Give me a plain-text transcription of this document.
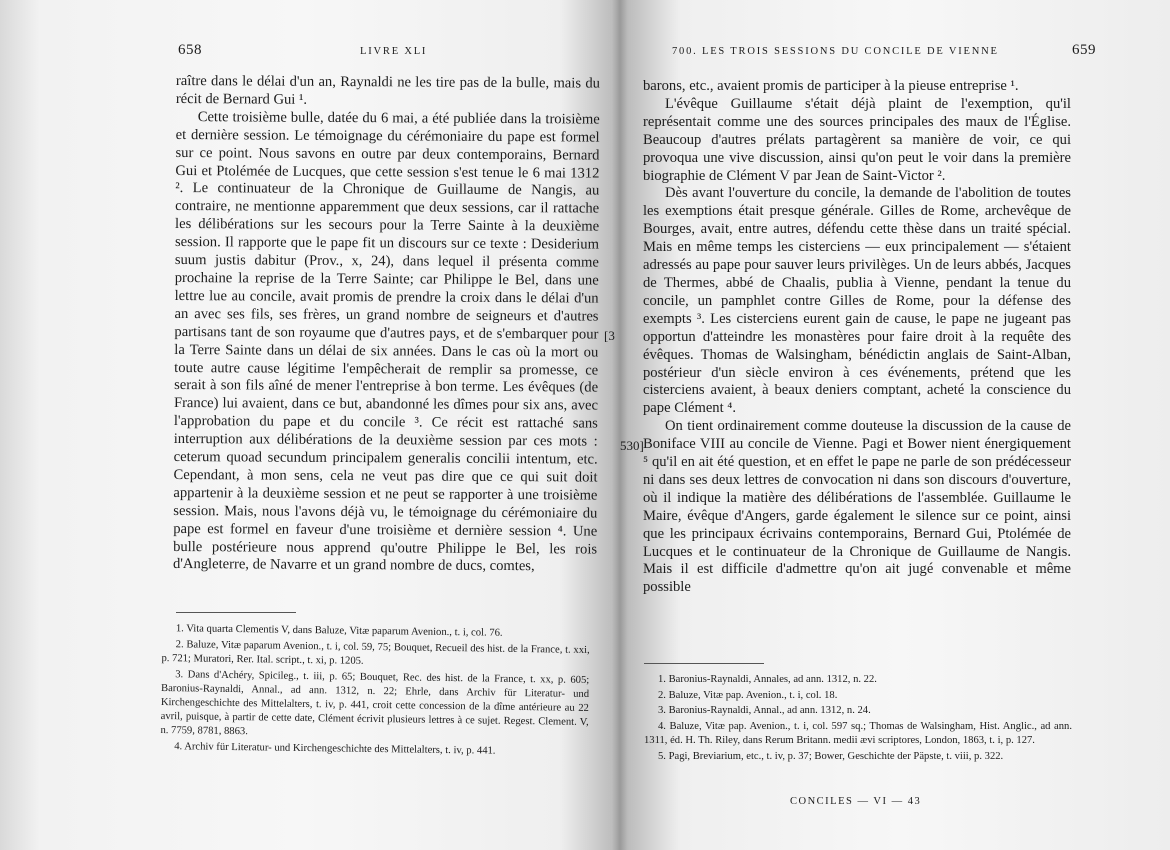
658	LIVRE XLI

raître dans le délai d'un an, Raynaldi ne les tire pas de la bulle, mais du récit de Bernard Gui ¹.

Cette troisième bulle, datée du 6 mai, a été publiée dans la troisième et dernière session. Le témoignage du cérémoniaire du pape est formel sur ce point. Nous savons en outre par deux contemporains, Bernard Gui et Ptolémée de Lucques, que cette session s'est tenue le 6 mai 1312 ². Le continuateur de la Chronique de Guillaume de Nangis, au contraire, ne mentionne apparemment que deux sessions, car il rattache les délibérations sur les secours pour la Terre Sainte à la deuxième session. Il rapporte que le pape fit un discours sur ce texte : Desiderium suum justis dabitur (Prov., x, 24), dans lequel il présenta comme prochaine la reprise de la Terre Sainte; car Philippe le Bel, dans une lettre lue au concile, avait promis de prendre la croix dans le délai d'un an avec ses fils, ses frères, un grand nombre de seigneurs et d'autres partisans tant de son royaume que d'autres pays, et de s'embarquer pour la Terre Sainte dans un délai de six années. Dans le cas où la mort ou toute autre cause légitime l'empêcherait de remplir sa promesse, ce serait à son fils aîné de mener l'entreprise à bon terme. Les évêques (de France) lui avaient, dans ce but, abandonné les dîmes pour six ans, avec l'approbation du pape et du concile ³. Ce récit est rattaché sans interruption aux délibérations de la deuxième session par ces mots : ceterum quoad secundum principalem generalis concilii intentum, etc. Cependant, à mon sens, cela ne veut pas dire que ce qui suit doit appartenir à la deuxième session et ne peut se rapporter à une troisième session. Mais, nous l'avons déjà vu, le témoignage du cérémoniaire du pape est formel en faveur d'une troisième et dernière session ⁴. Une bulle postérieure nous apprend qu'outre Philippe le Bel, les rois d'Angleterre, de Navarre et un grand nombre de ducs, comtes,

1. Vita quarta Clementis V, dans Baluze, Vitæ paparum Avenion., t. i, col. 76.

2. Baluze, Vitæ paparum Avenion., t. i, col. 59, 75; Bouquet, Recueil des hist. de la France, t. xxi, p. 721; Muratori, Rer. Ital. script., t. xi, p. 1205.

3. Dans d'Achéry, Spicileg., t. iii, p. 65; Bouquet, Rec. des hist. de la France, t. xx, p. 605; Baronius-Raynaldi, Annal., ad ann. 1312, n. 22; Ehrle, dans Archiv für Literatur- und Kirchengeschichte des Mittelalters, t. iv, p. 441, croit cette concession de la dîme antérieure au 22 avril, puisque, à partir de cette date, Clément écrivit plusieurs lettres à ce sujet. Regest. Clement. V, n. 7759, 8781, 8863.

4. Archiv für Literatur- und Kirchengeschichte des Mittelalters, t. iv, p. 441.

[3
700. LES TROIS SESSIONS DU CONCILE DE VIENNE	659

barons, etc., avaient promis de participer à la pieuse entreprise ¹.

L'évêque Guillaume s'était déjà plaint de l'exemption, qu'il représentait comme une des sources principales des maux de l'Église. Beaucoup d'autres prélats partagèrent sa manière de voir, ce qui provoqua une vive discussion, ainsi qu'on peut le voir dans la première biographie de Clément V par Jean de Saint-Victor ².

Dès avant l'ouverture du concile, la demande de l'abolition de toutes les exemptions était presque générale. Gilles de Rome, archevêque de Bourges, avait, entre autres, défendu cette thèse dans un traité spécial. Mais en même temps les cisterciens — eux principalement — s'étaient adressés au pape pour sauver leurs privilèges. Un de leurs abbés, Jacques de Thermes, abbé de Chaalis, publia à Vienne, pendant la tenue du concile, un pamphlet contre Gilles de Rome, pour la défense des exempts ³. Les cisterciens eurent gain de cause, le pape ne jugeant pas opportun d'atteindre les monastères pour faire droit à la requête des évêques. Thomas de Walsingham, bénédictin anglais de Saint-Alban, postérieur d'un siècle environ à ces événements, prétend que les cisterciens avaient, à beaux deniers comptant, acheté la conscience du pape Clément ⁴.

On tient ordinairement comme douteuse la discussion de la cause de Boniface VIII au concile de Vienne. Pagi et Bower nient énergiquement ⁵ qu'il en ait été question, et en effet le pape ne parle de son prédécesseur ni dans ses deux lettres de convocation ni dans son discours d'ouverture, où il indique la matière des délibérations de l'assemblée. Guillaume le Maire, évêque d'Angers, garde également le silence sur ce point, ainsi que les principaux écrivains contemporains, Bernard Gui, Ptolémée de Lucques et le continuateur de la Chronique de Guillaume de Nangis. Mais il est difficile d'admettre qu'on ait jugé convenable et même possible

1. Baronius-Raynaldi, Annales, ad ann. 1312, n. 22.

2. Baluze, Vitæ pap. Avenion., t. i, col. 18.

3. Baronius-Raynaldi, Annal., ad ann. 1312, n. 24.

4. Baluze, Vitæ pap. Avenion., t. i, col. 597 sq.; Thomas de Walsingham, Hist. Anglic., ad ann. 1311, éd. H. Th. Riley, dans Rerum Britann. medii ævi scriptores, London, 1863, t. i, p. 127.

5. Pagi, Breviarium, etc., t. iv, p. 37; Bower, Geschichte der Päpste, t. viii, p. 322.

CONCILES — VI — 43
530]
